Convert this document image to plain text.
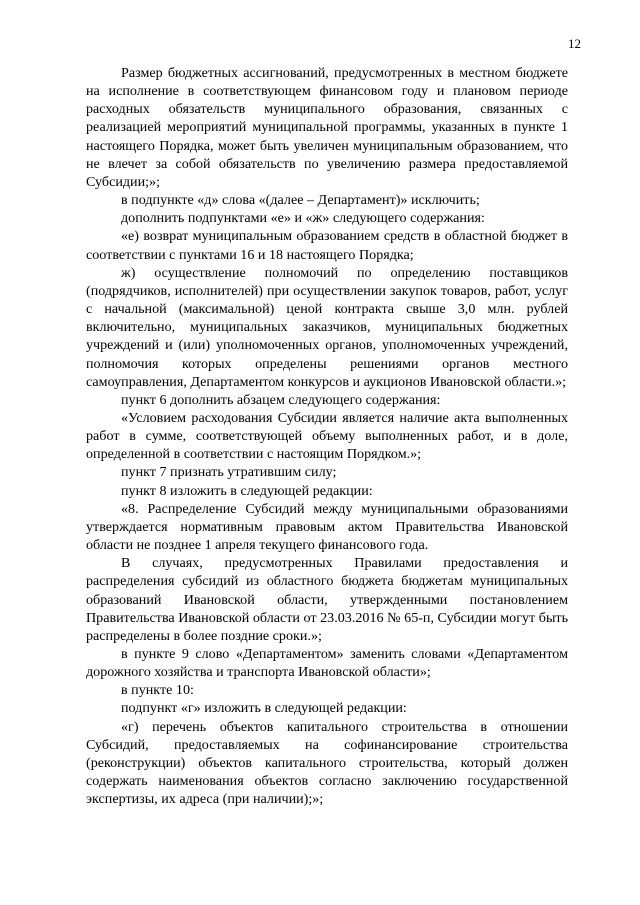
12

Размер бюджетных ассигнований, предусмотренных в местном бюджете на исполнение в соответствующем финансовом году и плановом периоде расходных обязательств муниципального образования, связанных с реализацией мероприятий муниципальной программы, указанных в пункте 1 настоящего Порядка, может быть увеличен муниципальным образованием, что не влечет за собой обязательств по увеличению размера предоставляемой Субсидии;»;

в подпункте «д» слова «(далее – Департамент)» исключить;

дополнить подпунктами «е» и «ж» следующего содержания:

«е) возврат муниципальным образованием средств в областной бюджет в соответствии с пунктами 16 и 18 настоящего Порядка;

ж) осуществление полномочий по определению поставщиков (подрядчиков, исполнителей) при осуществлении закупок товаров, работ, услуг с начальной (максимальной) ценой контракта свыше 3,0 млн. рублей включительно, муниципальных заказчиков, муниципальных бюджетных учреждений и (или) уполномоченных органов, уполномоченных учреждений, полномочия которых определены решениями органов местного самоуправления, Департаментом конкурсов и аукционов Ивановской области.»;

пункт 6 дополнить абзацем следующего содержания:

«Условием расходования Субсидии является наличие акта выполненных работ в сумме, соответствующей объему выполненных работ, и в доле, определенной в соответствии с настоящим Порядком.»;

пункт 7 признать утратившим силу;

пункт 8 изложить в следующей редакции:

«8. Распределение Субсидий между муниципальными образованиями утверждается нормативным правовым актом Правительства Ивановской области не позднее 1 апреля текущего финансового года.

В случаях, предусмотренных Правилами предоставления и распределения субсидий из областного бюджета бюджетам муниципальных образований Ивановской области, утвержденными постановлением Правительства Ивановской области от 23.03.2016 № 65-п, Субсидии могут быть распределены в более поздние сроки.»;

в пункте 9 слово «Департаментом» заменить словами «Департаментом дорожного хозяйства и транспорта Ивановской области»;

в пункте 10:

подпункт «г» изложить в следующей редакции:

«г) перечень объектов капитального строительства в отношении Субсидий, предоставляемых на софинансирование строительства (реконструкции) объектов капитального строительства, который должен содержать наименования объектов согласно заключению государственной экспертизы, их адреса (при наличии);»;
